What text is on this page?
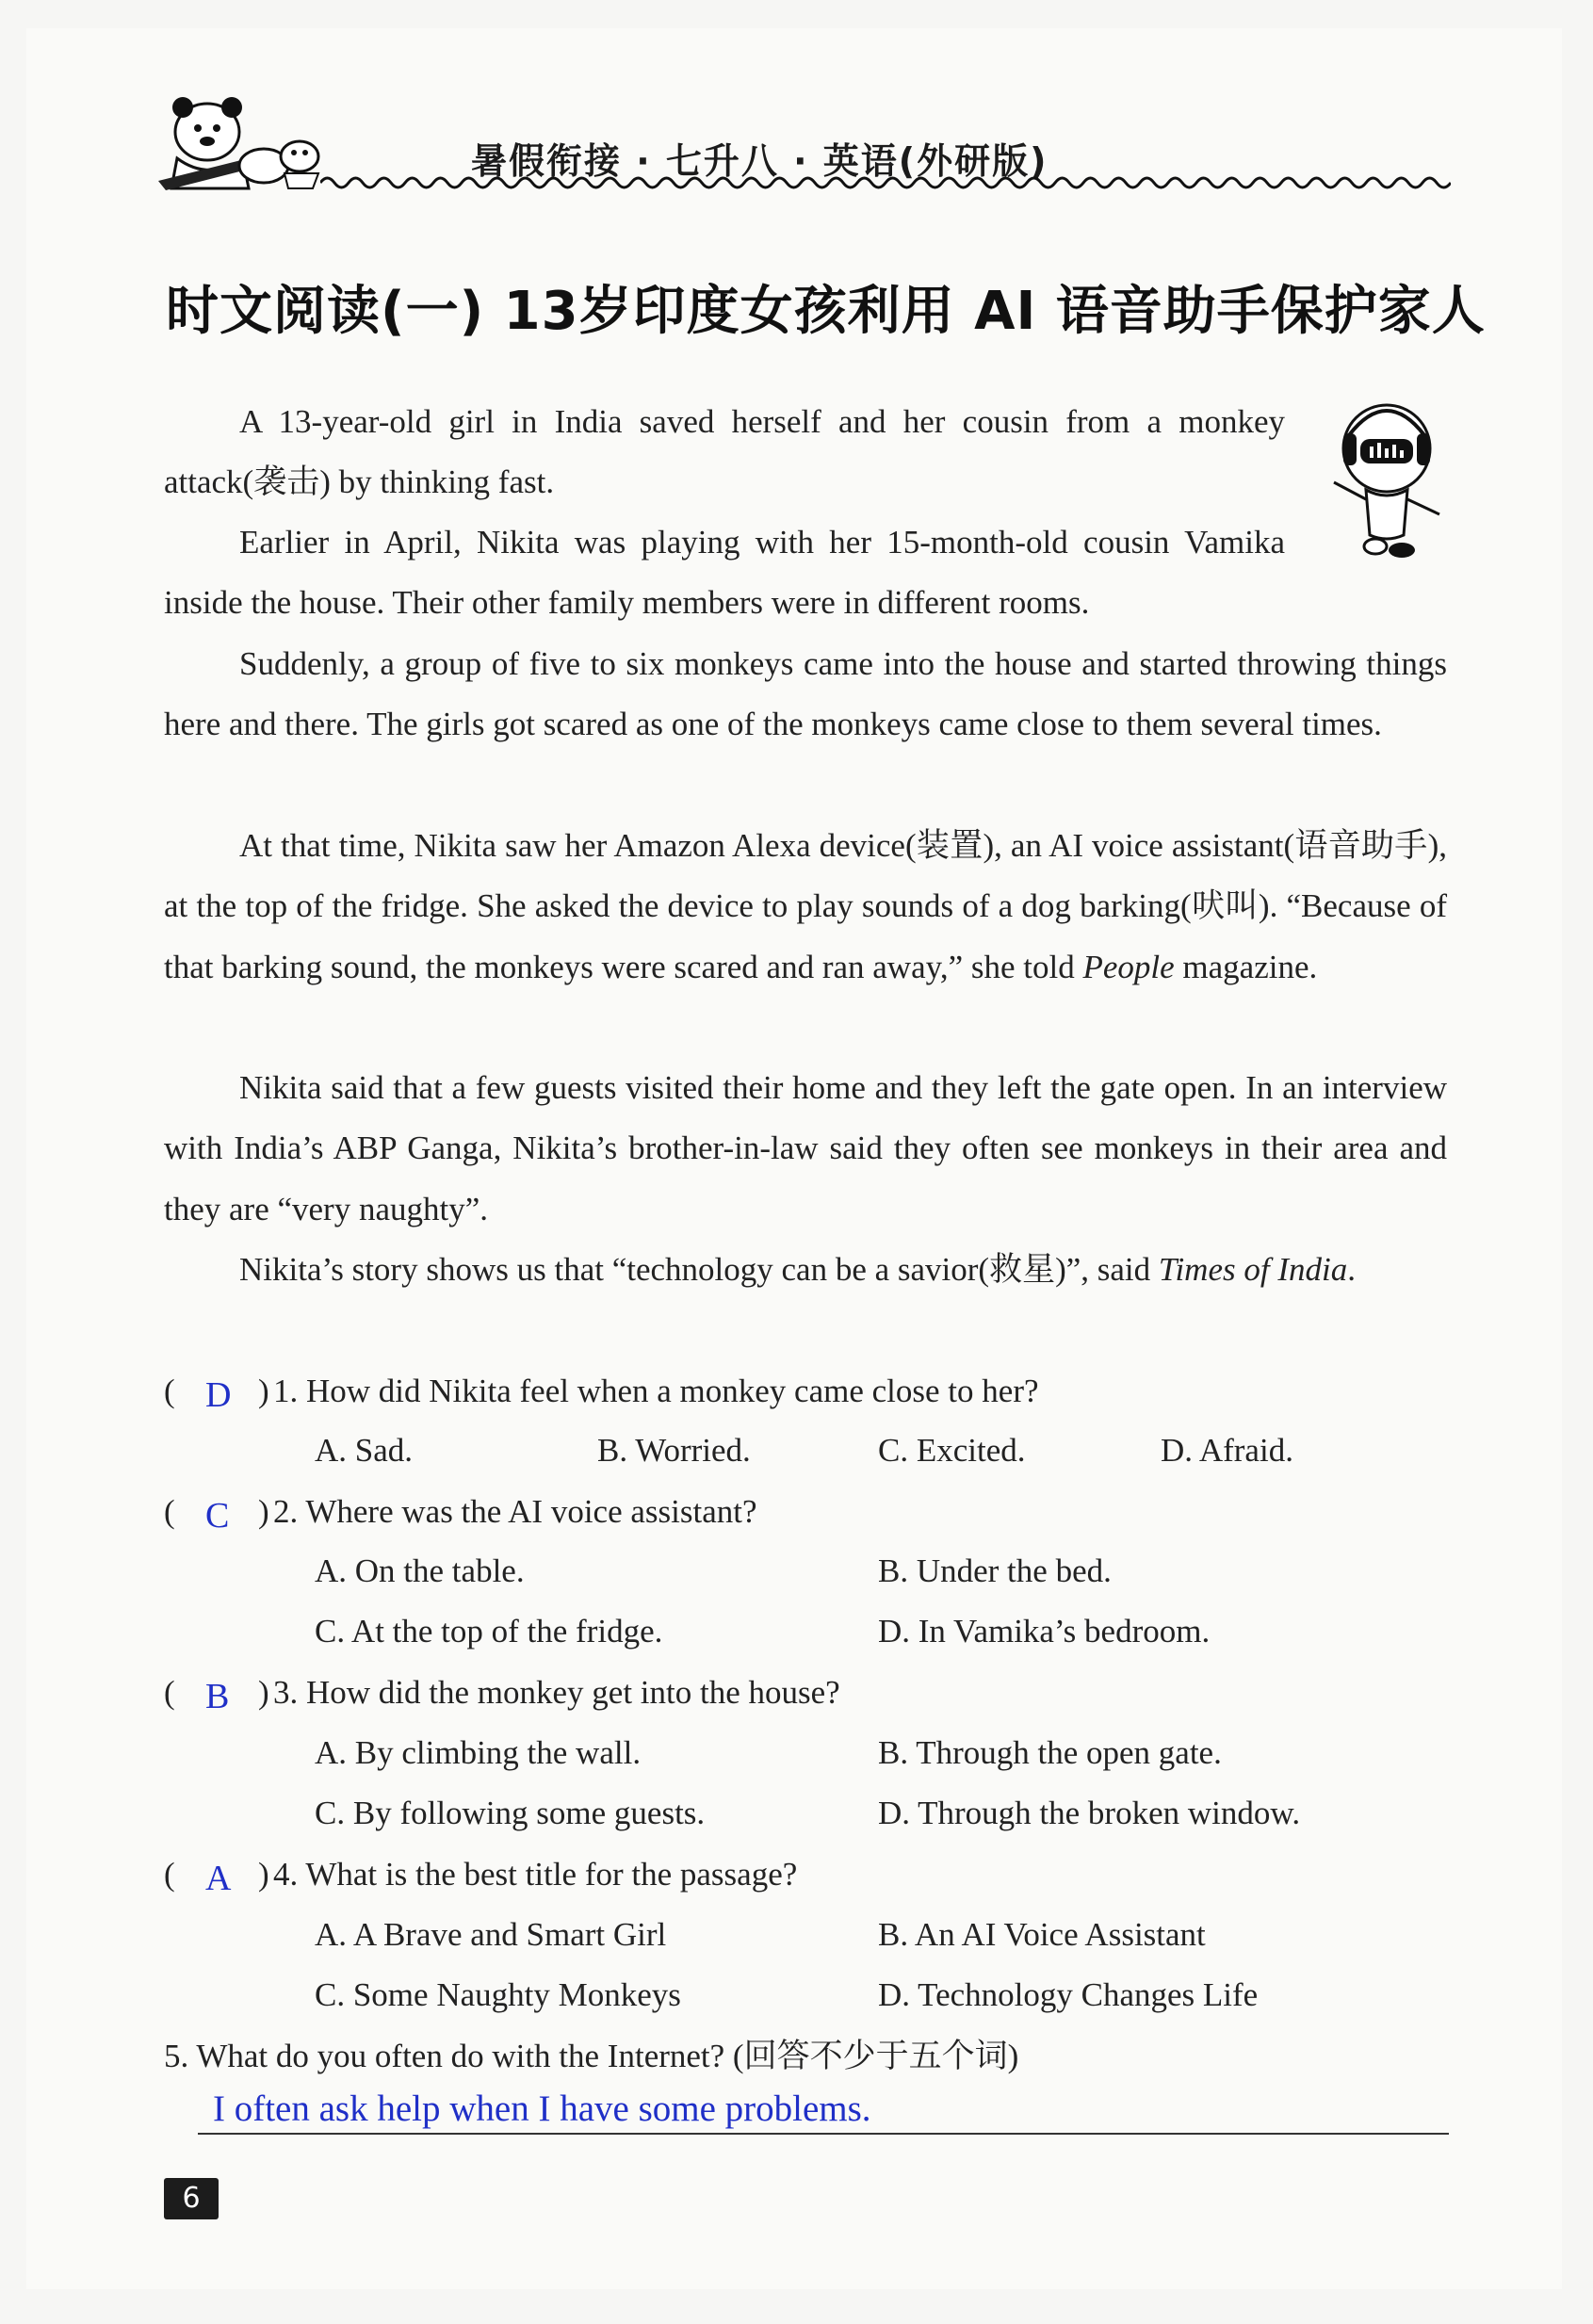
暑假衔接 · 七升八 · 英语(外研版)
时文阅读(一) 13岁印度女孩利用 AI 语音助手保护家人
A 13-year-old girl in India saved herself and her cousin from a monkey attack(袭击) by thinking fast.
Earlier in April, Nikita was playing with her 15-month-old cousin Vamika inside the house. Their other family members were in different rooms.
Suddenly, a group of five to six monkeys came into the house and started throwing things here and there. The girls got scared as one of the monkeys came close to them several times.
At that time, Nikita saw her Amazon Alexa device(装置), an AI voice assistant(语音助手), at the top of the fridge. She asked the device to play sounds of a dog barking(吠叫). “Because of that barking sound, the monkeys were scared and ran away,” she told People magazine.
Nikita said that a few guests visited their home and they left the gate open. In an interview with India’s ABP Ganga, Nikita’s brother-in-law said they often see monkeys in their area and they are “very naughty”.
Nikita’s story shows us that “technology can be a savior(救星)”, said Times of India.
( D ) 1. How did Nikita feel when a monkey came close to her?
A. Sad.	B. Worried.	C. Excited.	D. Afraid.
( C ) 2. Where was the AI voice assistant?
A. On the table.	B. Under the bed.
C. At the top of the fridge.	D. In Vamika’s bedroom.
( B ) 3. How did the monkey get into the house?
A. By climbing the wall.	B. Through the open gate.
C. By following some guests.	D. Through the broken window.
( A ) 4. What is the best title for the passage?
A. A Brave and Smart Girl	B. An AI Voice Assistant
C. Some Naughty Monkeys	D. Technology Changes Life
5. What do you often do with the Internet? (回答不少于五个词)
I often ask help when I have some problems.
6
